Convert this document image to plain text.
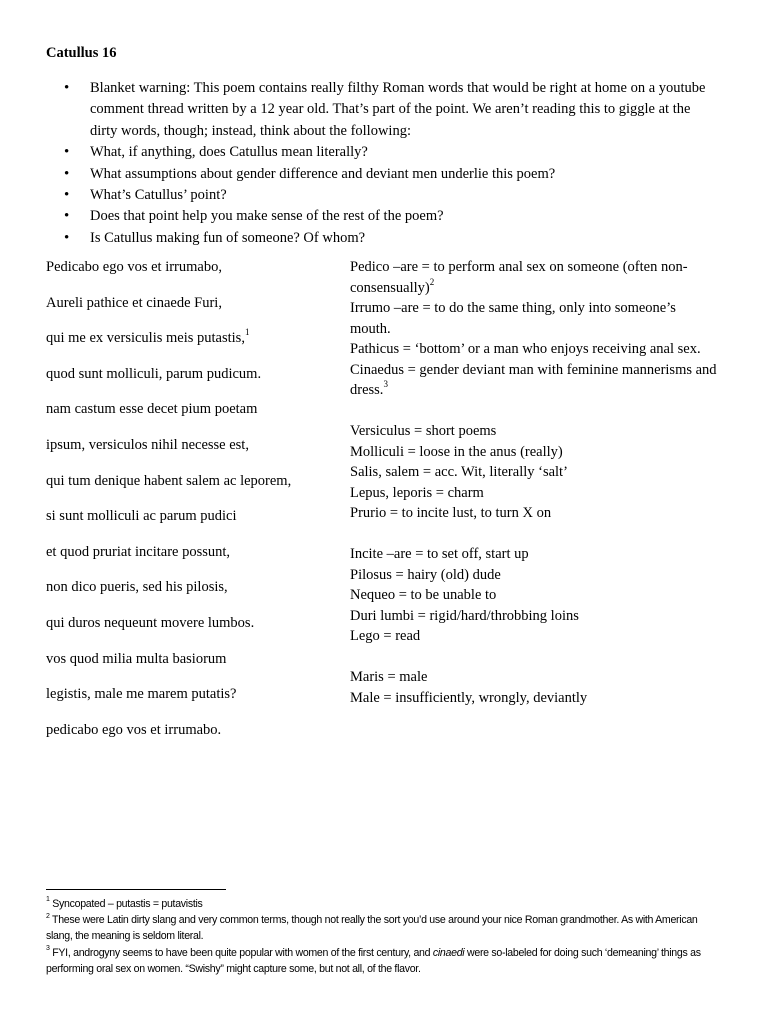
Catullus 16
• Blanket warning: This poem contains really filthy Roman words that would be right at home on a youtube comment thread written by a 12 year old. That’s part of the point. We aren’t reading this to giggle at the dirty words, though; instead, think about the following:
• What, if anything, does Catullus mean literally?
• What assumptions about gender difference and deviant men underlie this poem?
• What’s Catullus’ point?
• Does that point help you make sense of the rest of the poem?
• Is Catullus making fun of someone? Of whom?
Pedicabo ego vos et irrumabo,
Aureli pathice et cinaede Furi,
qui me ex versiculis meis putastis,$^1$
quod sunt molliculi, parum pudicum.
nam castum esse decet pium poetam
ipsum, versiculos nihil necesse est,
qui tum denique habent salem ac leporem,
si sunt molliculi ac parum pudici
et quod pruriat incitare possunt,
non dico pueris, sed his pilosis,
qui duros nequeunt movere lumbos.
vos quod milia multa basiorum
legistis, male me marem putatis?
pedicabo ego vos et irrumabo.
Pedico –are = to perform anal sex on someone (often non-consensually)$^2$
Irrumo –are = to do the same thing, only into someone’s mouth.
Pathicus = ‘bottom’ or a man who enjoys receiving anal sex.
Cinaedus = gender deviant man with feminine mannerisms and dress.$^3$
Versiculus = short poems
Molliculi = loose in the anus (really)
Salis, salem = acc. Wit, literally ‘salt’
Lepus, leporis = charm
Prurio = to incite lust, to turn X on
Incite –are = to set off, start up
Pilosus = hairy (old) dude
Nequeo = to be unable to
Duri lumbi = rigid/hard/throbbing loins
Lego = read
Maris = male
Male = insufficiently, wrongly, deviantly

$^1$ Syncopated – putastis = putavistis

$^2$ These were Latin dirty slang and very common terms, though not really the sort you’d use around your nice Roman grandmother. As with American slang, the meaning is seldom literal.

$^3$ FYI, androgyny seems to have been quite popular with women of the first century, and cinaedi were so-labeled for doing such ‘demeaning’ things as performing oral sex on women. “Swishy” might capture some, but not all, of the flavor.
